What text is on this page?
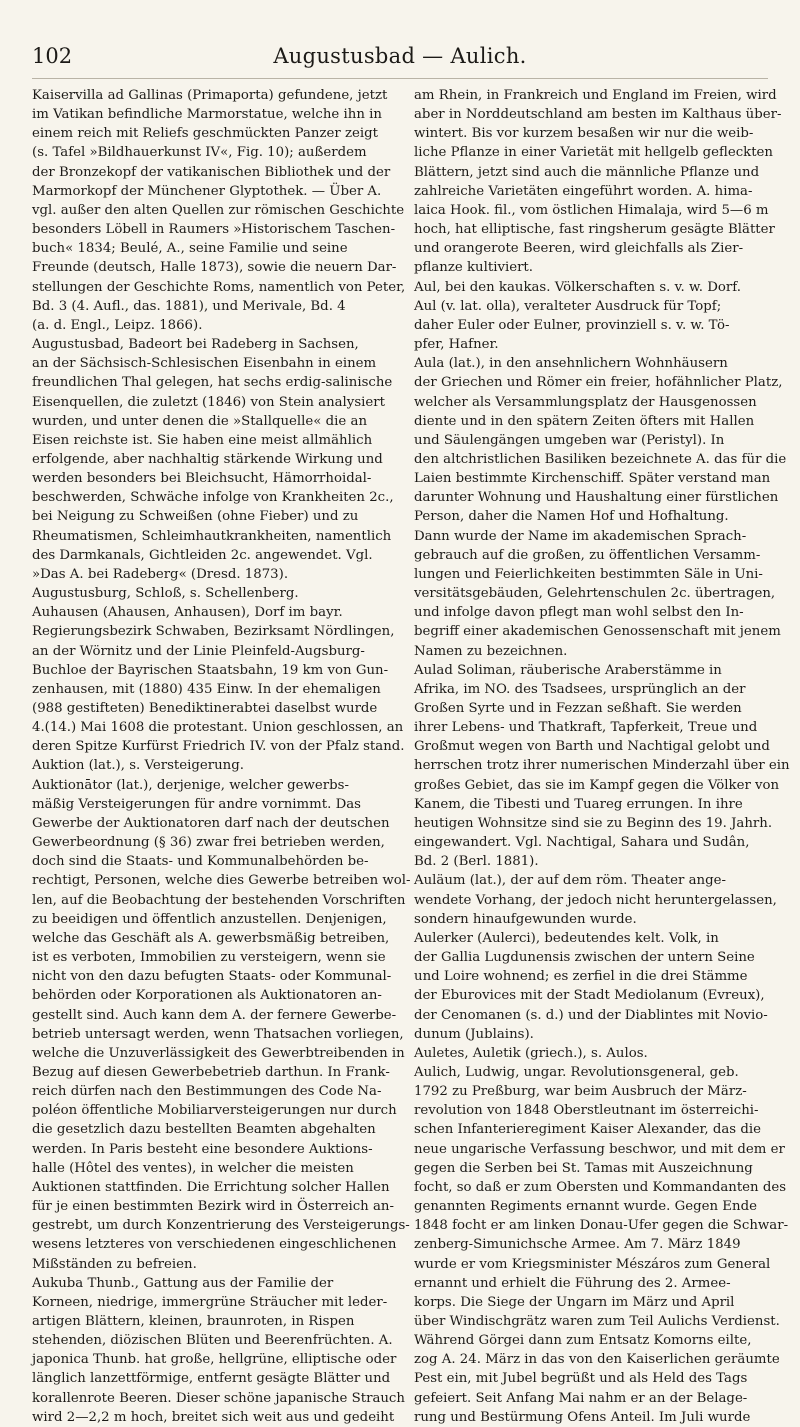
102	Augustusbad — Aulich.
Kaiservilla ad Gallinas (Primaporta) gefundene, jetzt
im Vatikan befindliche Marmorstatue, welche ihn in
einem reich mit Reliefs geschmückten Panzer zeigt
(s. Tafel »Bildhauerkunst IV«, Fig. 10); außerdem
der Bronzekopf der vatikanischen Bibliothek und der
Marmorkopf der Münchener Glyptothek. — Über A.
vgl. außer den alten Quellen zur römischen Geschichte
besonders Löbell in Raumers »Historischem Taschen-
buch« 1834; Beulé, A., seine Familie und seine
Freunde (deutsch, Halle 1873), sowie die neuern Dar-
stellungen der Geschichte Roms, namentlich von Peter,
Bd. 3 (4. Aufl., das. 1881), und Merivale, Bd. 4
(a. d. Engl., Leipz. 1866).
Augustusbad, Badeort bei Radeberg in Sachsen,
an der Sächsisch-Schlesischen Eisenbahn in einem
freundlichen Thal gelegen, hat sechs erdig-salinische
Eisenquellen, die zuletzt (1846) von Stein analysiert
wurden, und unter denen die »Stallquelle« die an
Eisen reichste ist. Sie haben eine meist allmählich
erfolgende, aber nachhaltig stärkende Wirkung und
werden besonders bei Bleichsucht, Hämorrhoidal-
beschwerden, Schwäche infolge von Krankheiten 2c.,
bei Neigung zu Schweißen (ohne Fieber) und zu
Rheumatismen, Schleimhautkrankheiten, namentlich
des Darmkanals, Gichtleiden 2c. angewendet. Vgl.
»Das A. bei Radeberg« (Dresd. 1873).
Augustusburg, Schloß, s. Schellenberg.
Auhausen (Ahausen, Anhausen), Dorf im bayr.
Regierungsbezirk Schwaben, Bezirksamt Nördlingen,
an der Wörnitz und der Linie Pleinfeld-Augsburg-
Buchloe der Bayrischen Staatsbahn, 19 km von Gun-
zenhausen, mit (1880) 435 Einw. In der ehemaligen
(988 gestifteten) Benediktinerabtei daselbst wurde
4.(14.) Mai 1608 die protestant. Union geschlossen, an
deren Spitze Kurfürst Friedrich IV. von der Pfalz stand.
Auktion (lat.), s. Versteigerung.
Auktionātor (lat.), derjenige, welcher gewerbs-
mäßig Versteigerungen für andre vornimmt. Das
Gewerbe der Auktionatoren darf nach der deutschen
Gewerbeordnung (§ 36) zwar frei betrieben werden,
doch sind die Staats- und Kommunalbehörden be-
rechtigt, Personen, welche dies Gewerbe betreiben wol-
len, auf die Beobachtung der bestehenden Vorschriften
zu beeidigen und öffentlich anzustellen. Denjenigen,
welche das Geschäft als A. gewerbsmäßig betreiben,
ist es verboten, Immobilien zu versteigern, wenn sie
nicht von den dazu befugten Staats- oder Kommunal-
behörden oder Korporationen als Auktionatoren an-
gestellt sind. Auch kann dem A. der fernere Gewerbe-
betrieb untersagt werden, wenn Thatsachen vorliegen,
welche die Unzuverlässigkeit des Gewerbtreibenden in
Bezug auf diesen Gewerbebetrieb darthun. In Frank-
reich dürfen nach den Bestimmungen des Code Na-
poléon öffentliche Mobiliarversteigerungen nur durch
die gesetzlich dazu bestellten Beamten abgehalten
werden. In Paris besteht eine besondere Auktions-
halle (Hôtel des ventes), in welcher die meisten
Auktionen stattfinden. Die Errichtung solcher Hallen
für je einen bestimmten Bezirk wird in Österreich an-
gestrebt, um durch Konzentrierung des Versteigerungs-
wesens letzteres von verschiedenen eingeschlichenen
Mißständen zu befreien.
Aukuba Thunb., Gattung aus der Familie der
Korneen, niedrige, immergrüne Sträucher mit leder-
artigen Blättern, kleinen, braunroten, in Rispen
stehenden, diözischen Blüten und Beerenfrüchten. A.
japonica Thunb. hat große, hellgrüne, elliptische oder
länglich lanzettförmige, entfernt gesägte Blätter und
korallenrote Beeren. Dieser schöne japanische Strauch
wird 2—2,2 m hoch, breitet sich weit aus und gedeiht
am Rhein, in Frankreich und England im Freien, wird
aber in Norddeutschland am besten im Kalthaus über-
wintert. Bis vor kurzem besaßen wir nur die weib-
liche Pflanze in einer Varietät mit hellgelb gefleckten
Blättern, jetzt sind auch die männliche Pflanze und
zahlreiche Varietäten eingeführt worden. A. hima-
laica Hook. fil., vom östlichen Himalaja, wird 5—6 m
hoch, hat elliptische, fast ringsherum gesägte Blätter
und orangerote Beeren, wird gleichfalls als Zier-
pflanze kultiviert.
Aul, bei den kaukas. Völkerschaften s. v. w. Dorf.
Aul (v. lat. olla), veralteter Ausdruck für Topf;
daher Euler oder Eulner, provinziell s. v. w. Tö-
pfer, Hafner.
Aula (lat.), in den ansehnlichern Wohnhäusern
der Griechen und Römer ein freier, hofähnlicher Platz,
welcher als Versammlungsplatz der Hausgenossen
diente und in den spätern Zeiten öfters mit Hallen
und Säulengängen umgeben war (Peristyl). In
den altchristlichen Basiliken bezeichnete A. das für die
Laien bestimmte Kirchenschiff. Später verstand man
darunter Wohnung und Haushaltung einer fürstlichen
Person, daher die Namen Hof und Hofhaltung.
Dann wurde der Name im akademischen Sprach-
gebrauch auf die großen, zu öffentlichen Versamm-
lungen und Feierlichkeiten bestimmten Säle in Uni-
versitätsgebäuden, Gelehrtenschulen 2c. übertragen,
und infolge davon pflegt man wohl selbst den In-
begriff einer akademischen Genossenschaft mit jenem
Namen zu bezeichnen.
Aulad Soliman, räuberische Araberstämme in
Afrika, im NO. des Tsadsees, ursprünglich an der
Großen Syrte und in Fezzan seßhaft. Sie werden
ihrer Lebens- und Thatkraft, Tapferkeit, Treue und
Großmut wegen von Barth und Nachtigal gelobt und
herrschen trotz ihrer numerischen Minderzahl über ein
großes Gebiet, das sie im Kampf gegen die Völker von
Kanem, die Tibesti und Tuareg errungen. In ihre
heutigen Wohnsitze sind sie zu Beginn des 19. Jahrh.
eingewandert. Vgl. Nachtigal, Sahara und Sudân,
Bd. 2 (Berl. 1881).
Auläum (lat.), der auf dem röm. Theater ange-
wendete Vorhang, der jedoch nicht heruntergelassen,
sondern hinaufgewunden wurde.
Aulerker (Aulerci), bedeutendes kelt. Volk, in
der Gallia Lugdunensis zwischen der untern Seine
und Loire wohnend; es zerfiel in die drei Stämme
der Eburovices mit der Stadt Mediolanum (Evreux),
der Cenomanen (s. d.) und der Diablintes mit Novio-
dunum (Jublains).
Auletes, Auletik (griech.), s. Aulos.
Aulich, Ludwig, ungar. Revolutionsgeneral, geb.
1792 zu Preßburg, war beim Ausbruch der März-
revolution von 1848 Oberstleutnant im österreichi-
schen Infanterieregiment Kaiser Alexander, das die
neue ungarische Verfassung beschwor, und mit dem er
gegen die Serben bei St. Tamas mit Auszeichnung
focht, so daß er zum Obersten und Kommandanten des
genannten Regiments ernannt wurde. Gegen Ende
1848 focht er am linken Donau-Ufer gegen die Schwar-
zenberg-Simunichsche Armee. Am 7. März 1849
wurde er vom Kriegsminister Mészáros zum General
ernannt und erhielt die Führung des 2. Armee-
korps. Die Siege der Ungarn im März und April
über Windischgrätz waren zum Teil Aulichs Verdienst.
Während Görgei dann zum Entsatz Komorns eilte,
zog A. 24. März in das von den Kaiserlichen geräumte
Pest ein, mit Jubel begrüßt und als Held des Tags
gefeiert. Seit Anfang Mai nahm er an der Belage-
rung und Bestürmung Ofens Anteil. Im Juli wurde
